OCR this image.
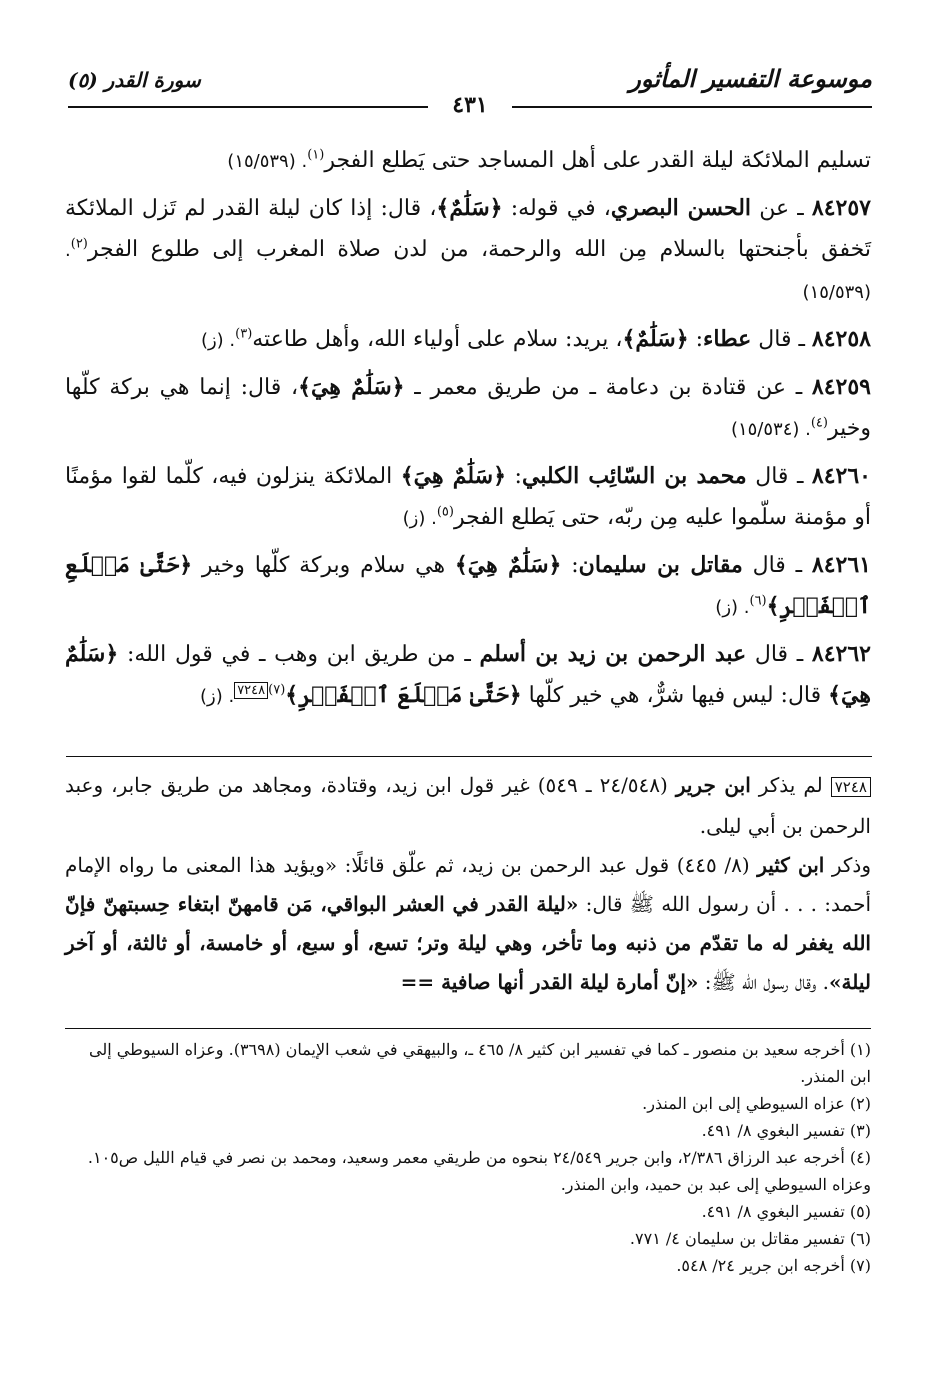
موسوعة التفسير المأثور
سورة القدر (٥)
٤٣١

تسليم الملائكة ليلة القدر على أهل المساجد حتى يَطلع الفجر$^{(١)}$. (١٥/٥٣٩)

٨٤٢٥٧ ـ عن الحسن البصري، في قوله: ﴿سَلَٰمٌ﴾، قال: إذا كان ليلة القدر لم تَزل الملائكة تَخفق بأجنحتها بالسلام مِن الله والرحمة، من لدن صلاة المغرب إلى طلوع الفجر$^{(٢)}$. (١٥/٥٣٩)

٨٤٢٥٨ ـ قال عطاء: ﴿سَلَٰمٌ﴾، يريد: سلام على أولياء الله، وأهل طاعته$^{(٣)}$. (ز)

٨٤٢٥٩ ـ عن قتادة بن دعامة ـ من طريق معمر ـ ﴿سَلَٰمٌ هِيَ﴾، قال: إنما هي بركة كلّها وخير$^{(٤)}$. (١٥/٥٣٤)

٨٤٢٦٠ ـ قال محمد بن السّائِب الكلبي: ﴿سَلَٰمٌ هِيَ﴾ الملائكة ينزلون فيه، كلّما لقوا مؤمنًا أو مؤمنة سلّموا عليه مِن ربّه، حتى يَطلع الفجر$^{(٥)}$. (ز)

٨٤٢٦١ ـ قال مقاتل بن سليمان: ﴿سَلَٰمٌ هِيَ﴾ هي سلام وبركة كلّها وخير ﴿حَتَّىٰ مَطۡلَعِ ٱلۡفَجۡرِ﴾$^{(٦)}$. (ز)

٨٤٢٦٢ ـ قال عبد الرحمن بن زيد بن أسلم ـ من طريق ابن وهب ـ في قول الله: ﴿سَلَٰمٌ هِيَ﴾ قال: ليس فيها شرٌّ، هي خير كلّها ﴿حَتَّىٰ مَطۡلَعَ ٱلۡفَجۡرِ﴾$^{(٧)٧٢٤٨}$. (ز)

٧٢٤٨ لم يذكر ابن جرير (٢٤/٥٤٨ ـ ٥٤٩) غير قول ابن زيد، وقتادة، ومجاهد من طريق جابر، وعبد الرحمن بن أبي ليلى.
وذكر ابن كثير (٨/ ٤٤٥) قول عبد الرحمن بن زيد، ثم علّق قائلًا: «ويؤيد هذا المعنى ما رواه الإمام أحمد: . . . أن رسول الله ﷺ قال: «ليلة القدر في العشر البواقي، مَن قامهنّ ابتغاء حِسبتهنّ فإنّ الله يغفر له ما تقدّم من ذنبه وما تأخر، وهي ليلة وتر؛ تسع، أو سبع، أو خامسة، أو ثالثة، أو آخر ليلة». وقال رسول الله ﷺ: «إنّ أمارة ليلة القدر أنها صافية ==

(١) أخرجه سعيد بن منصور ـ كما في تفسير ابن كثير ٨/ ٤٦٥ ـ، والبيهقي في شعب الإيمان (٣٦٩٨). وعزاه السيوطي إلى ابن المنذر.

(٢) عزاه السيوطي إلى ابن المنذر.

(٣) تفسير البغوي ٨/ ٤٩١.

(٤) أخرجه عبد الرزاق ٢/٣٨٦، وابن جرير ٢٤/٥٤٩ بنحوه من طريقي معمر وسعيد، ومحمد بن نصر في قيام الليل ص١٠٥. وعزاه السيوطي إلى عبد بن حميد، وابن المنذر.

(٥) تفسير البغوي ٨/ ٤٩١.

(٦) تفسير مقاتل بن سليمان ٤/ ٧٧١.

(٧) أخرجه ابن جرير ٢٤/ ٥٤٨.
